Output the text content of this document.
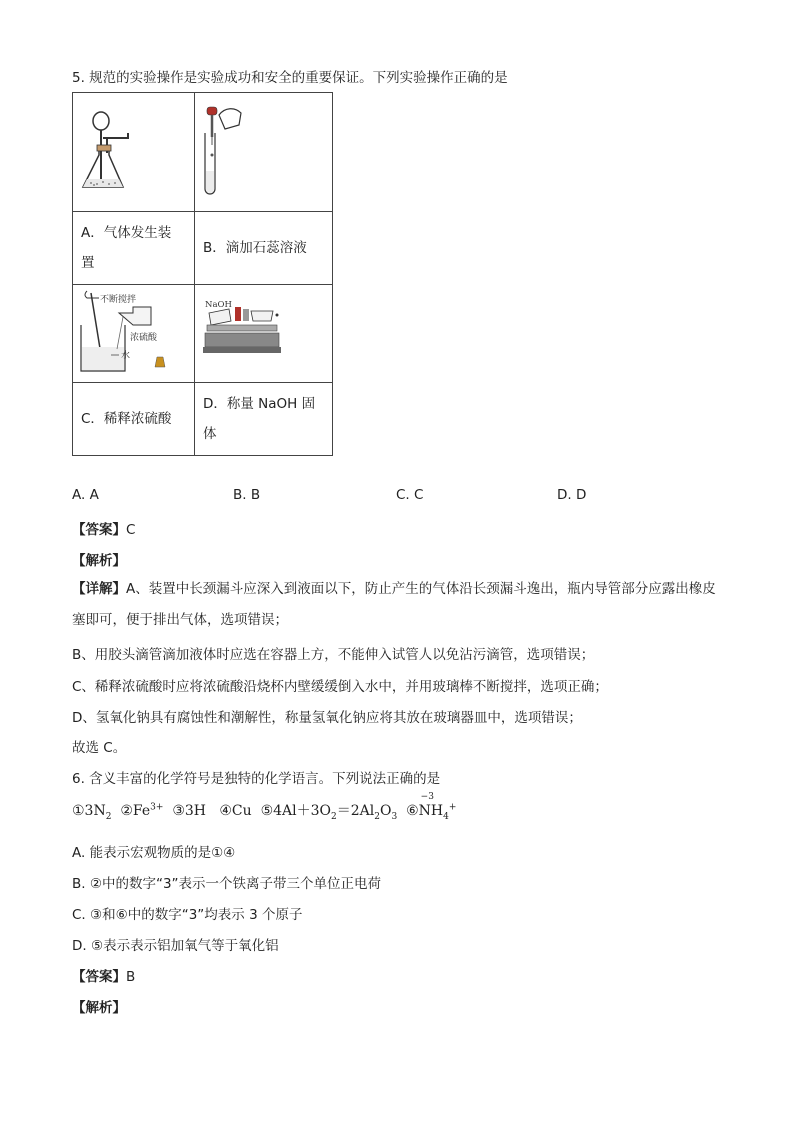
5. 规范的实验操作是实验成功和安全的重要保证。下列实验操作正确的是

A．气体发生装
置	B．滴加石蕊溶液

不断搅拌
浓硫酸
水	NaOH

C．稀释浓硫酸	D．称量 NaOH 固
体
A. A	B. B	C. C	D. D
【答案】C
【解析】
【详解】A、装置中长颈漏斗应深入到液面以下，防止产生的气体沿长颈漏斗逸出，瓶内导管部分应露出橡皮塞即可，便于排出气体，选项错误；
B、用胶头滴管滴加液体时应选在容器上方，不能伸入试管人以免沾污滴管，选项错误；
C、稀释浓硫酸时应将浓硫酸沿烧杯内壁缓缓倒入水中，并用玻璃棒不断搅拌，选项正确；
D、氢氧化钠具有腐蚀性和潮解性，称量氢氧化钠应将其放在玻璃器皿中，选项错误；
故选 C。
6. 含义丰富的化学符号是独特的化学语言。下列说法正确的是
$①3N_2$ $②Fe^{3+}$ ③3H ④Cu $⑤4Al+3O_2=2Al_2O_3$ ⑥
−3
$NH_4^+$
A. 能表示宏观物质的是①④
B. ②中的数字“3”表示一个铁离子带三个单位正电荷
C. ③和⑥中的数字“3”均表示 3 个原子
D. ⑤表示表示铝加氧气等于氧化铝
【答案】B
【解析】
